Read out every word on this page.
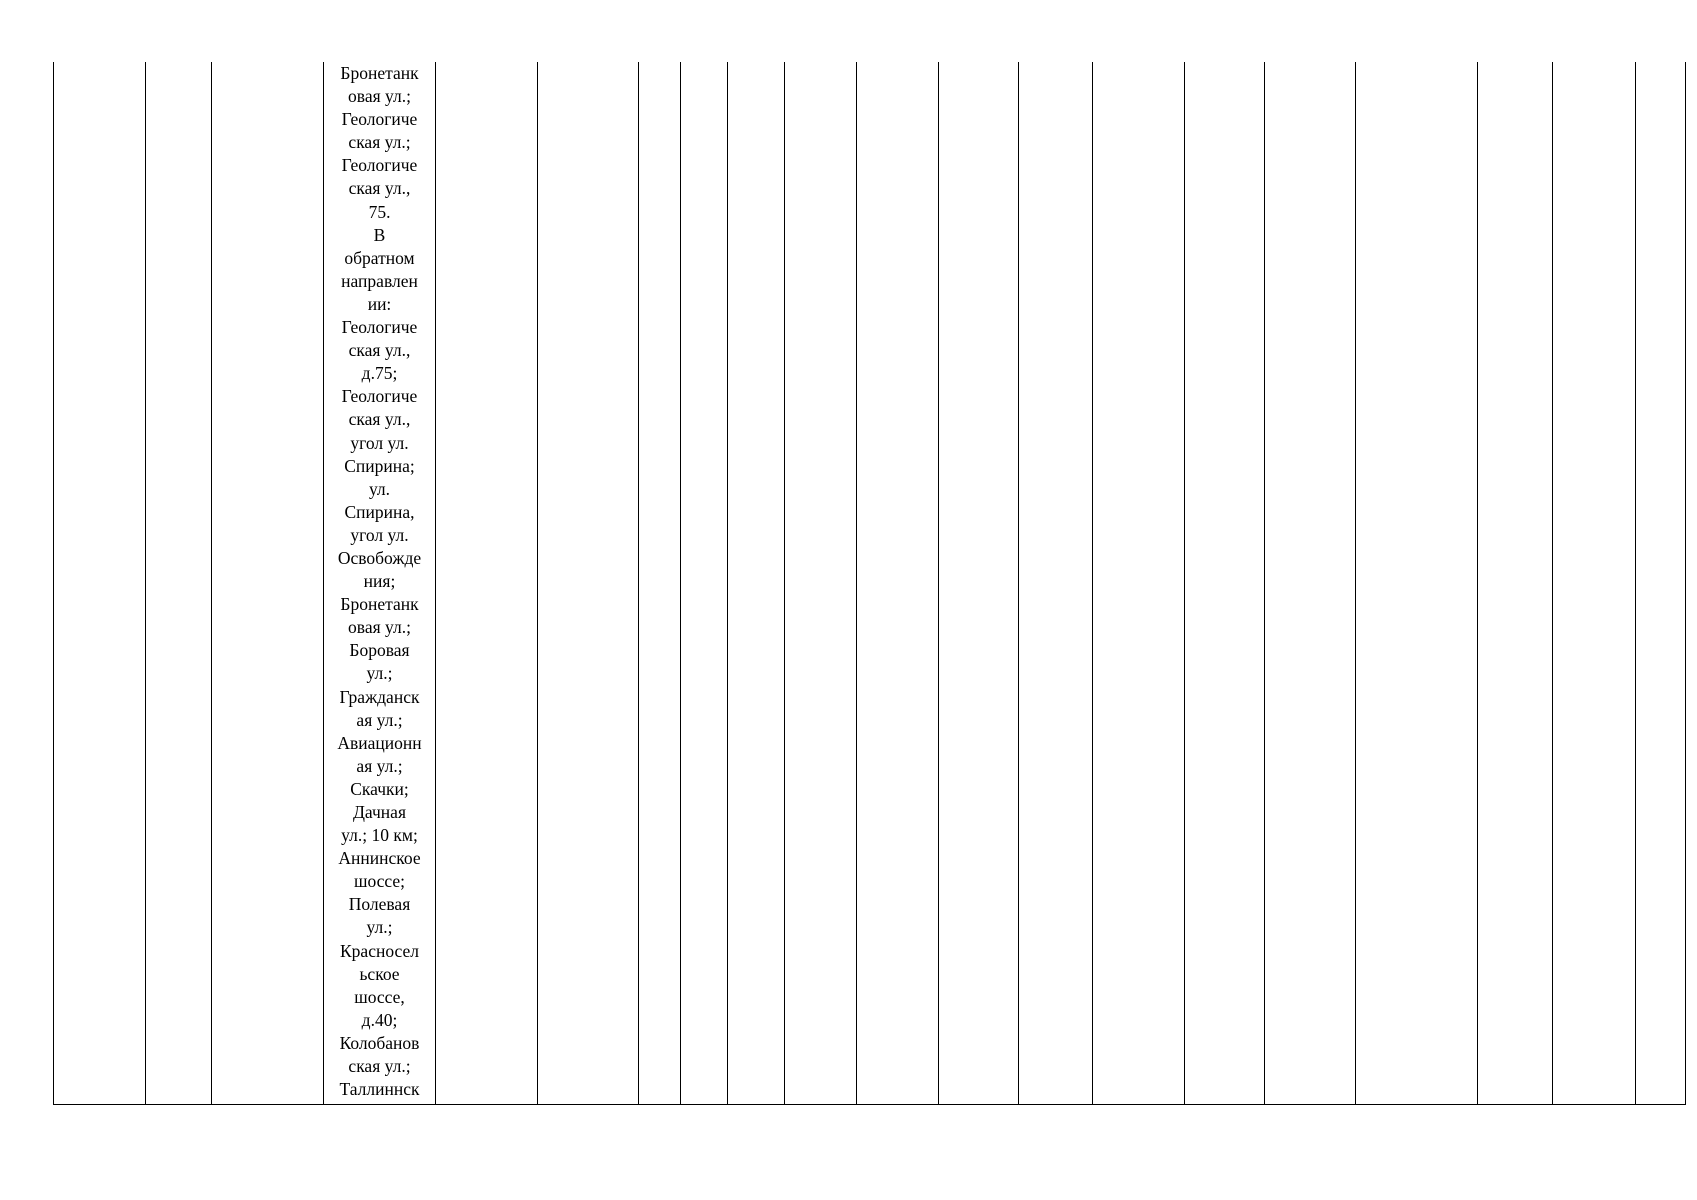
Бронетанк
овая ул.;
Геологиче
ская ул.;
Геологиче
ская ул.,
75.
В
обратном
направлен
ии:
Геологиче
ская ул.,
д.75;
Геологиче
ская ул.,
угол ул.
Спирина;
ул.
Спирина,
угол ул.
Освобожде
ния;
Бронетанк
овая ул.;
Боровая
ул.;
Гражданск
ая ул.;
Авиационн
ая ул.;
Скачки;
Дачная
ул.; 10 км;
Аннинское
шоссе;
Полевая
ул.;
Красносел
ьское
шоссе,
д.40;
Колобанов
ская ул.;
Таллиннск
